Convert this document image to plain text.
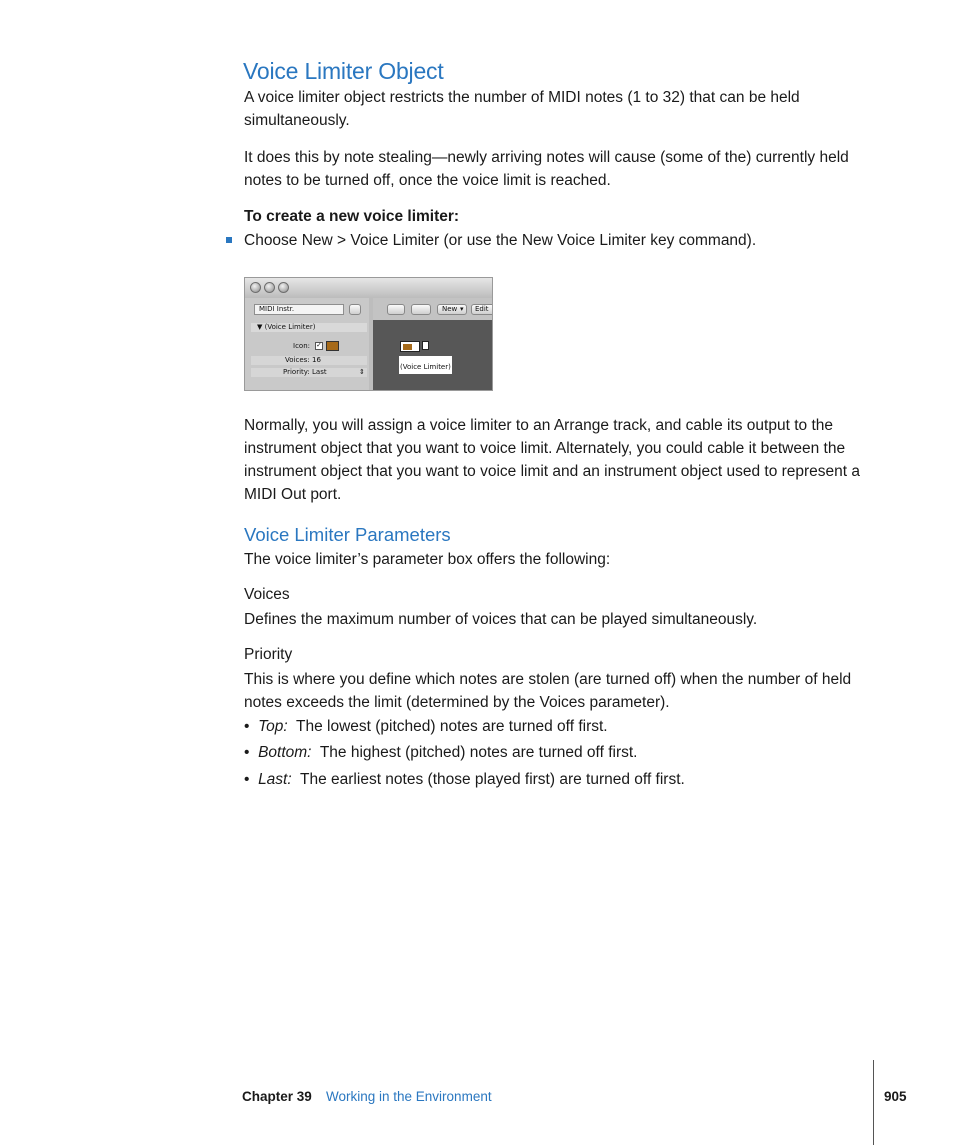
Voice Limiter Object

A voice limiter object restricts the number of MIDI notes (1 to 32) that can be held simultaneously.

It does this by note stealing—newly arriving notes will cause (some of the) currently held notes to be turned off, once the voice limit is reached.

To create a new voice limiter:
Choose New > Voice Limiter (or use the New Voice Limiter key command).
MIDI Instr.
▼ (Voice Limiter)
Icon: ✓
Voices: 16
Priority: Last	⇕
New ▾ Edit
(Voice Limiter)

Normally, you will assign a voice limiter to an Arrange track, and cable its output to the instrument object that you want to voice limit. Alternately, you could cable it between the instrument object that you want to voice limit and an instrument object used to represent a MIDI Out port.

Voice Limiter Parameters

The voice limiter’s parameter box offers the following:

Voices

Defines the maximum number of voices that can be played simultaneously.

Priority

This is where you define which notes are stolen (are turned off) when the number of held notes exceeds the limit (determined by the Voices parameter).

• Top: The lowest (pitched) notes are turned off first.
• Bottom: The highest (pitched) notes are turned off first.
• Last: The earliest notes (those played first) are turned off first.
Chapter 39 Working in the Environment	905
